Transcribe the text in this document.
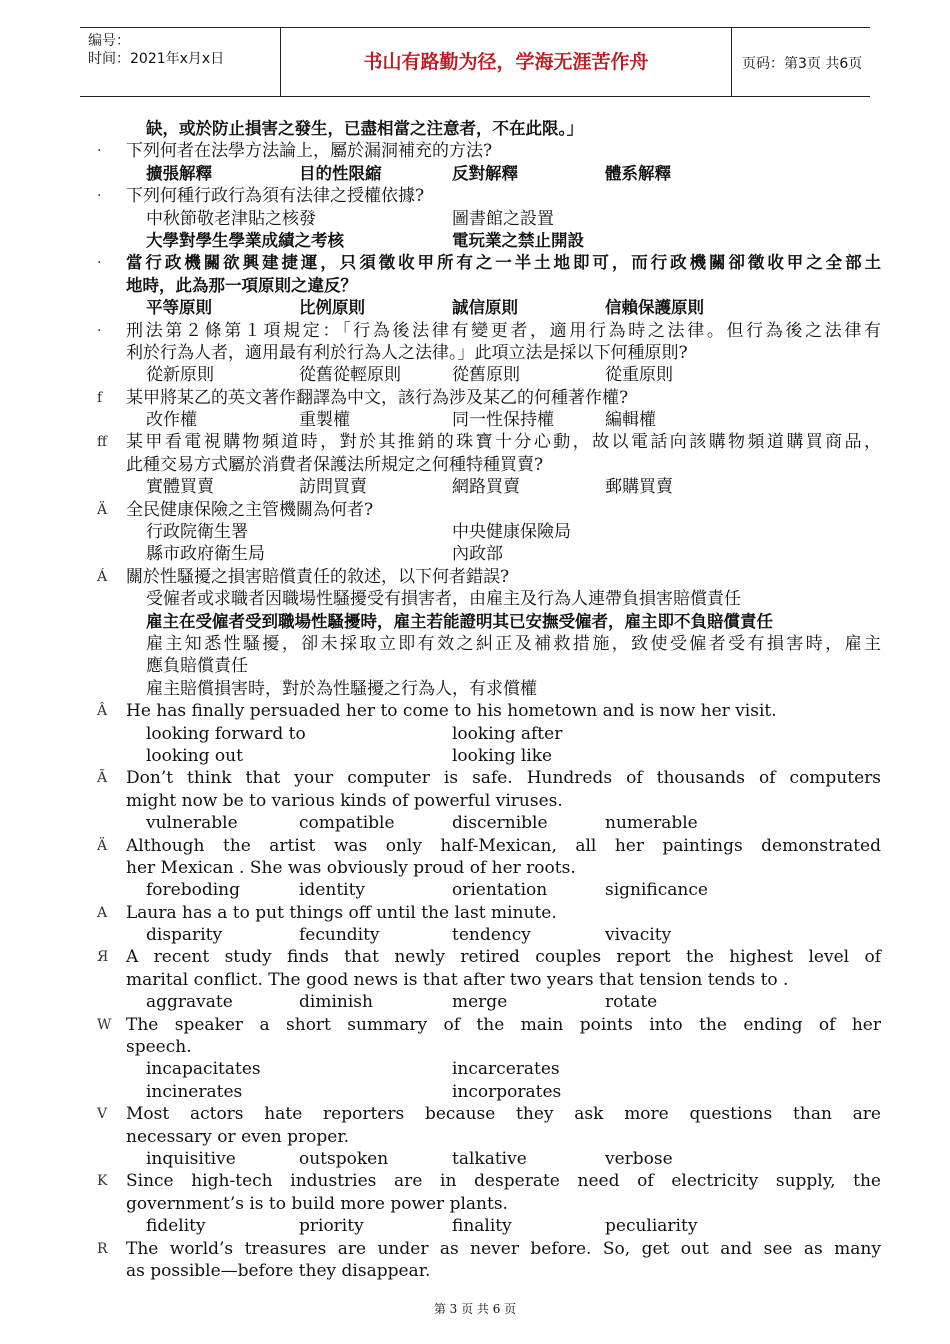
编号：
时间：2021年x月x日	书山有路勤为径，学海无涯苦作舟	页码：第3页 共6页
缺，或於防止損害之發生，已盡相當之注意者，不在此限。」
·	下列何者在法學方法論上，屬於漏洞補充的方法?
擴張解釋	目的性限縮	反對解釋	體系解釋
·	下列何種行政行為須有法律之授權依據?
中秋節敬老津貼之核發	圖書館之設置
大學對學生學業成績之考核	電玩業之禁止開設
·	當行政機關欲興建捷運，只須徵收甲所有之一半土地即可，而行政機關卻徵收甲之全部土
地時，此為那一項原則之違反？
平等原則	比例原則	誠信原則	信賴保護原則
·	刑法第２條第１項規定：「行為後法律有變更者，適用行為時之法律。但行為後之法律有
利於行為人者，適用最有利於行為人之法律。」此項立法是採以下何種原則?
從新原則	從舊從輕原則	從舊原則	從重原則
f	某甲將某乙的英文著作翻譯為中文，該行為涉及某乙的何種著作權?
改作權	重製權	同一性保持權	編輯權
ff	某甲看電視購物頻道時，對於其推銷的珠寶十分心動，故以電話向該購物頻道購買商品，
此種交易方式屬於消費者保護法所規定之何種特種買賣?
實體買賣	訪問買賣	網路買賣	郵購買賣
Ä	全民健康保險之主管機關為何者?
行政院衛生署	中央健康保險局
縣市政府衛生局	內政部
Á	關於性騷擾之損害賠償責任的敘述，以下何者錯誤?
受僱者或求職者因職場性騷擾受有損害者，由雇主及行為人連帶負損害賠償責任
雇主在受僱者受到職場性騷擾時，雇主若能證明其已安撫受僱者，雇主即不負賠償責任
雇主知悉性騷擾，卻未採取立即有效之糾正及補救措施，致使受僱者受有損害時，雇主
應負賠償責任
雇主賠償損害時，對於為性騷擾之行為人，有求償權
Â	He has finally persuaded her to come to his hometown and is now her visit.
looking forward to	looking after
looking out	looking like
Ã	Don’t think that your computer is safe. Hundreds of thousands of computers
might now be to various kinds of powerful viruses.
vulnerable	compatible	discernible	numerable
Ä	Although the artist was only half-Mexican, all her paintings demonstrated
her Mexican . She was obviously proud of her roots.
foreboding	identity	orientation	significance
A	Laura has a to put things off until the last minute.
disparity	fecundity	tendency	vivacity
Я	A recent study finds that newly retired couples report the highest level of
marital conflict. The good news is that after two years that tension tends to .
aggravate	diminish	merge	rotate
W The speaker a short summary of the main points into the ending of her
speech.
incapacitates	incarcerates
incinerates	incorporates
V	Most actors hate reporters because they ask more questions than are
necessary or even proper.
inquisitive	outspoken	talkative	verbose
K	Since high-tech industries are in desperate need of electricity supply, the
government’s is to build more power plants.
fidelity	priority	finality	peculiarity
R	The world’s treasures are under as never before. So, get out and see as many
as possible—before they disappear.
第 3 页 共 6 页
